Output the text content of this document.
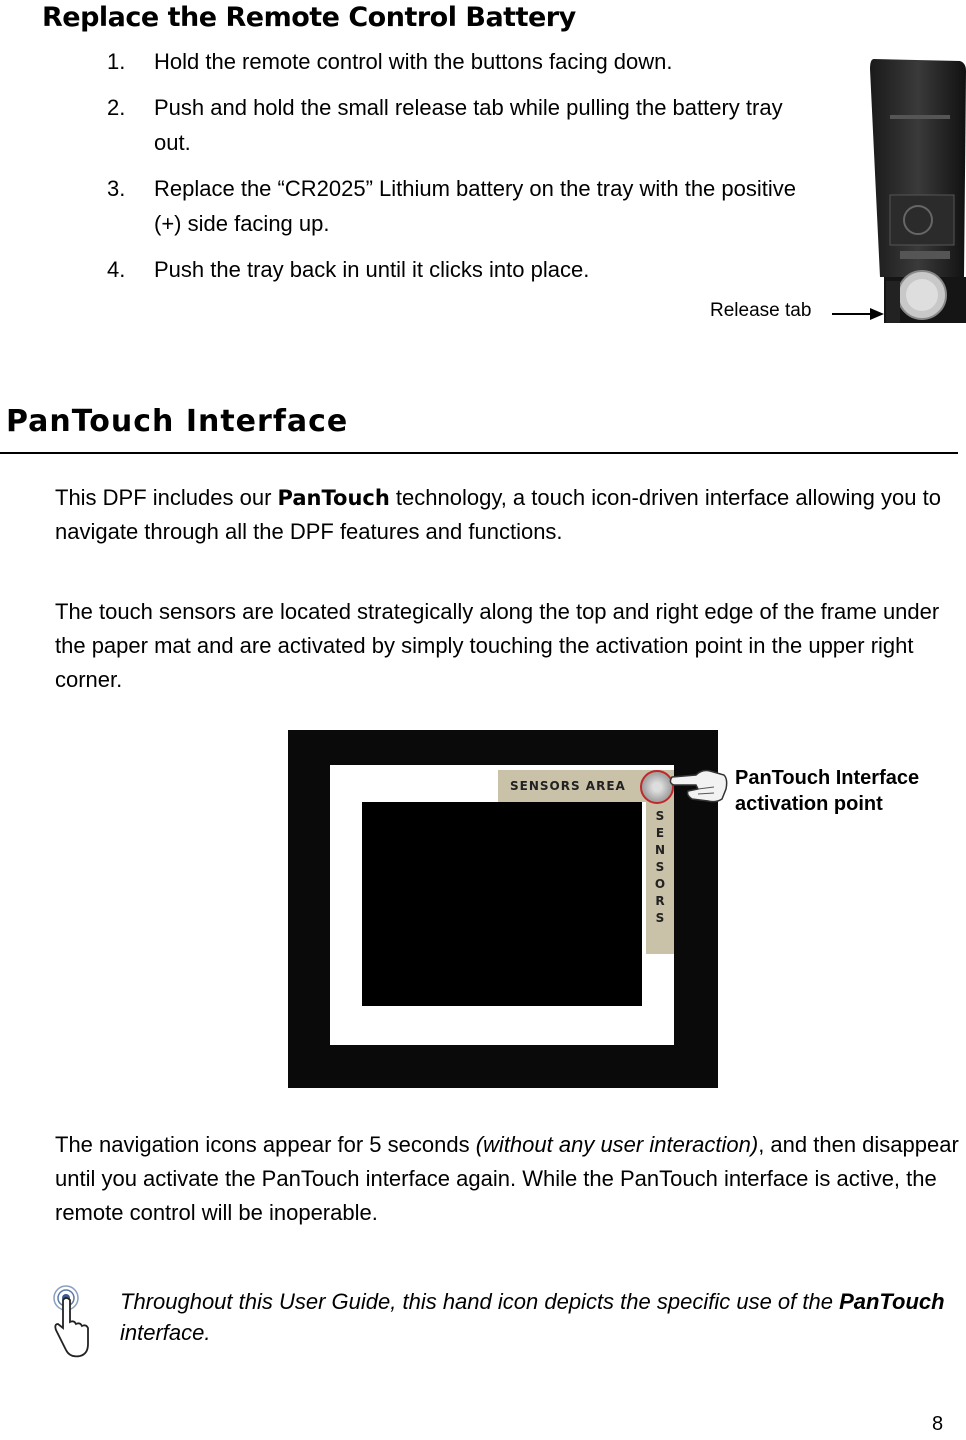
Replace the Remote Control Battery
1. Hold the remote control with the buttons facing down.
2. Push and hold the small release tab while pulling the battery tray out.
3. Replace the “CR2025” Lithium battery on the tray with the positive (+) side facing up.
4. Push the tray back in until it clicks into place.
Release tab
PanTouch Interface
This DPF includes our PanTouch technology, a touch icon-driven interface allowing you to navigate through all the DPF features and functions.
The touch sensors are located strategically along the top and right edge of the frame under the paper mat and are activated by simply touching the activation point in the upper right corner.
SENSORS AREA
S
E
N
S
O
R
S
PanTouch Interface
activation point
The navigation icons appear for 5 seconds (without any user interaction), and then disappear until you activate the PanTouch interface again. While the PanTouch interface is active, the remote control will be inoperable.
Throughout this User Guide, this hand icon depicts the specific use of the PanTouch interface.
8
